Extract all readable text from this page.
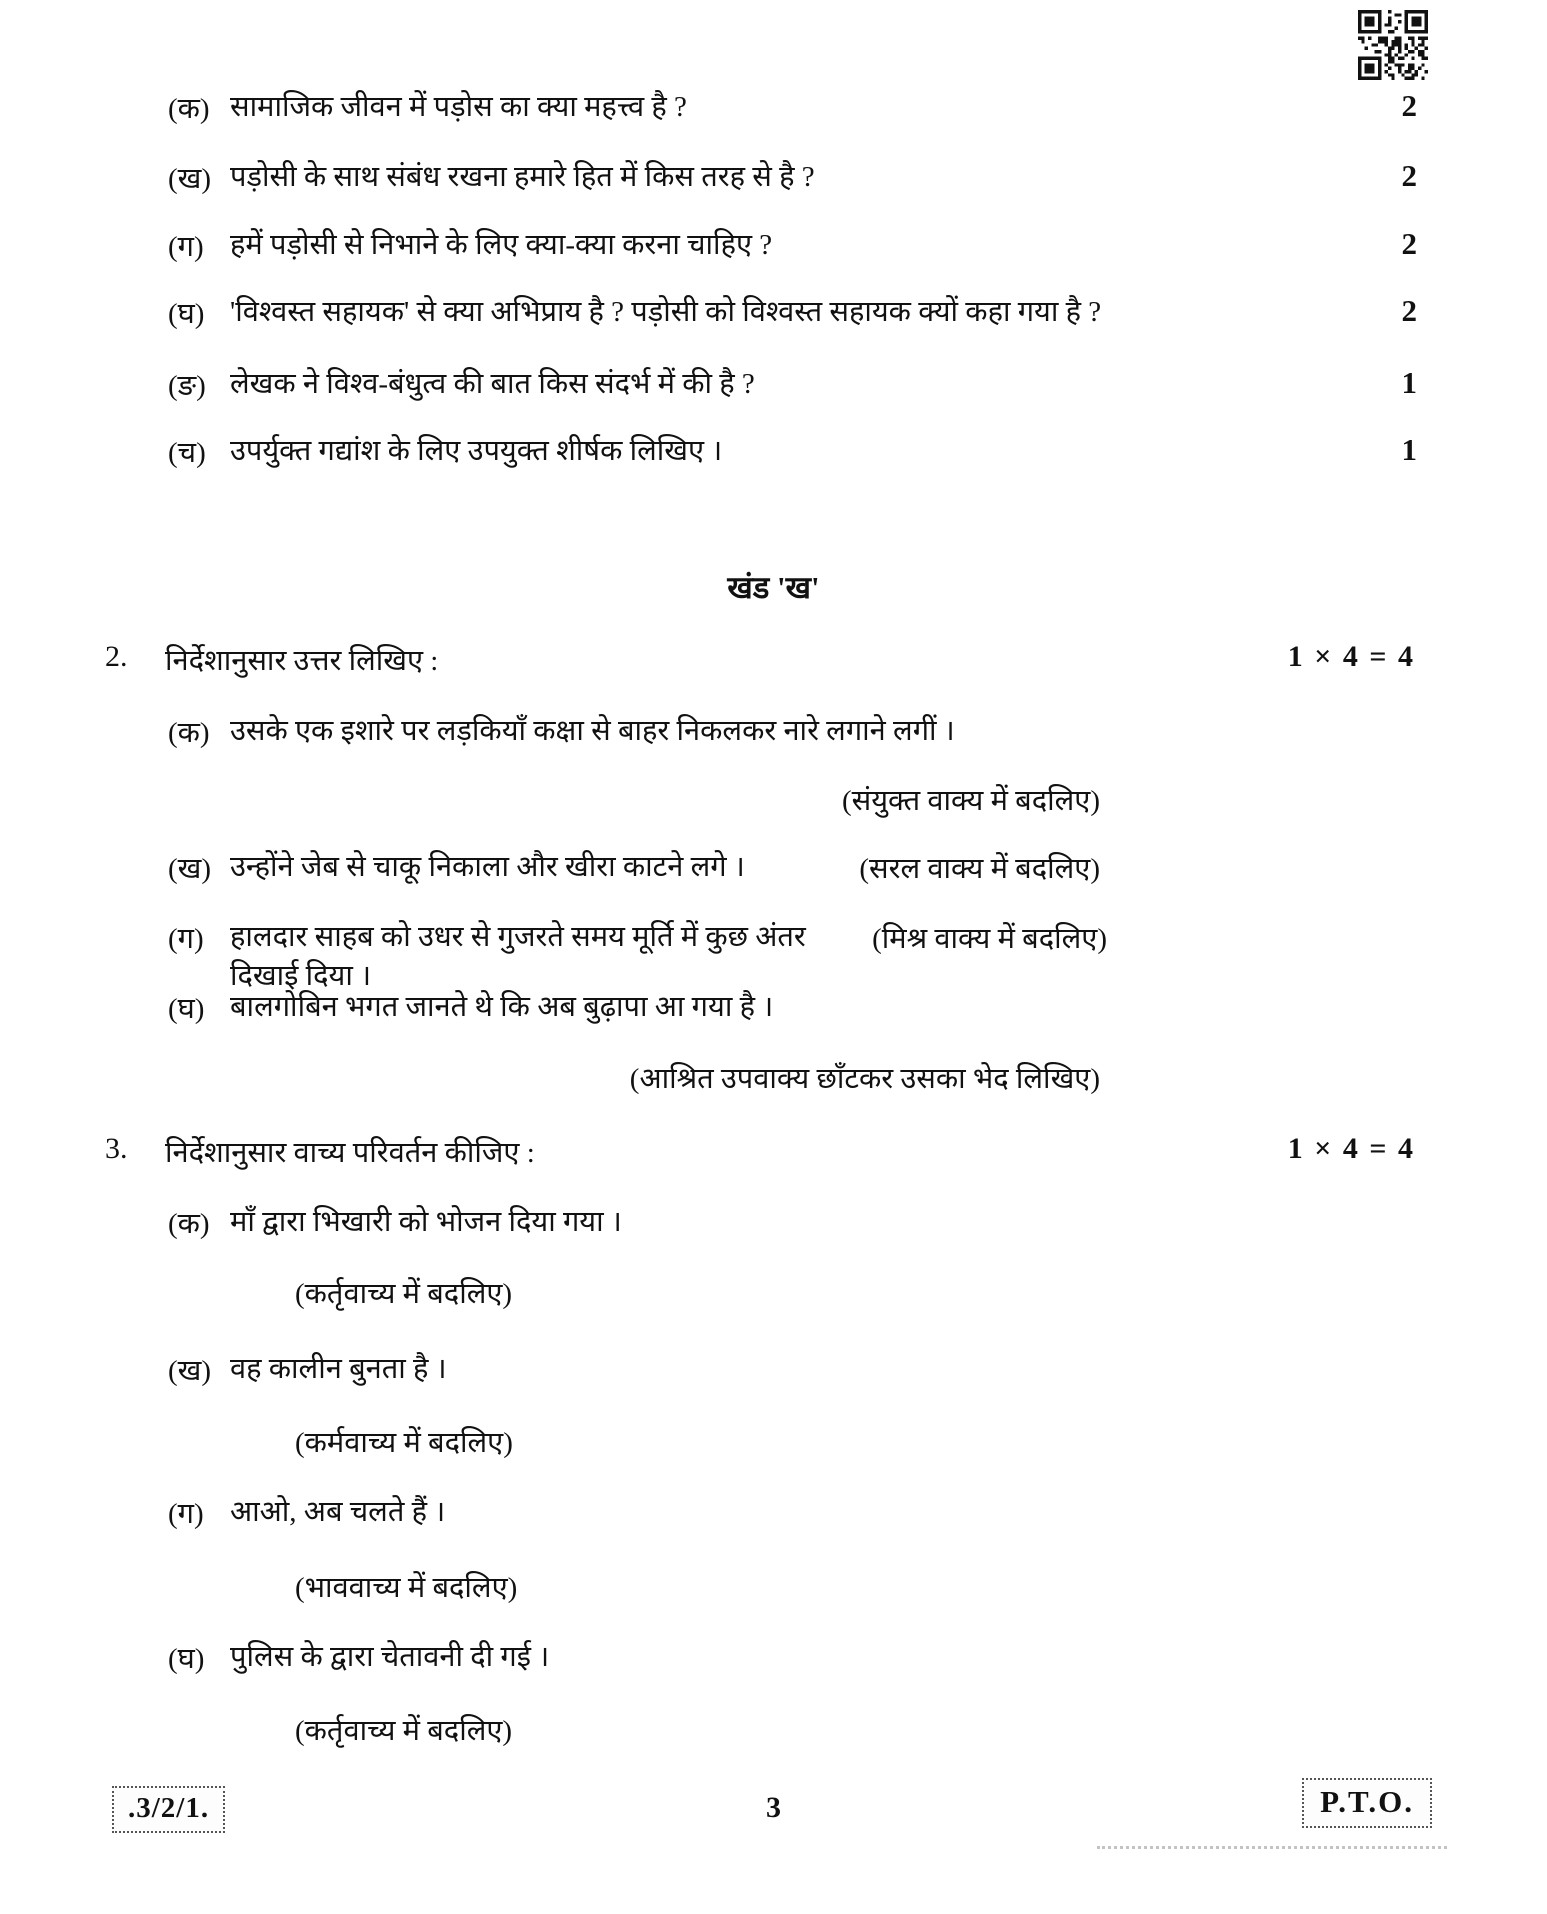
(क) सामाजिक जीवन में पड़ोस का क्या महत्त्व है ?	2
(ख) पड़ोसी के साथ संबंध रखना हमारे हित में किस तरह से है ?	2
(ग) हमें पड़ोसी से निभाने के लिए क्या-क्या करना चाहिए ?	2
(घ) 'विश्वस्त सहायक' से क्या अभिप्राय है ? पड़ोसी को विश्वस्त सहायक क्यों कहा गया है ?	2
(ङ) लेखक ने विश्व-बंधुत्व की बात किस संदर्भ में की है ?	1
(च) उपर्युक्त गद्यांश के लिए उपयुक्त शीर्षक लिखिए ।	1
खंड 'ख'
2. निर्देशानुसार उत्तर लिखिए :	1 × 4 = 4
(क) उसके एक इशारे पर लड़कियाँ कक्षा से बाहर निकलकर नारे लगाने लगीं ।
(संयुक्त वाक्य में बदलिए)
(ख) उन्होंने जेब से चाकू निकाला और खीरा काटने लगे ।	(सरल वाक्य में बदलिए)
(ग) हालदार साहब को उधर से गुजरते समय मूर्ति में कुछ अंतर दिखाई दिया ।
(मिश्र वाक्य में बदलिए)
(घ) बालगोबिन भगत जानते थे कि अब बुढ़ापा आ गया है ।
(आश्रित उपवाक्य छाँटकर उसका भेद लिखिए)
3. निर्देशानुसार वाच्य परिवर्तन कीजिए :	1 × 4 = 4
(क) माँ द्वारा भिखारी को भोजन दिया गया ।
(कर्तृवाच्य में बदलिए)
(ख) वह कालीन बुनता है ।
(कर्मवाच्य में बदलिए)
(ग) आओ, अब चलते हैं ।
(भाववाच्य में बदलिए)
(घ) पुलिस के द्वारा चेतावनी दी गई ।
(कर्तृवाच्य में बदलिए)
.3/2/1.	3	P.T.O.
